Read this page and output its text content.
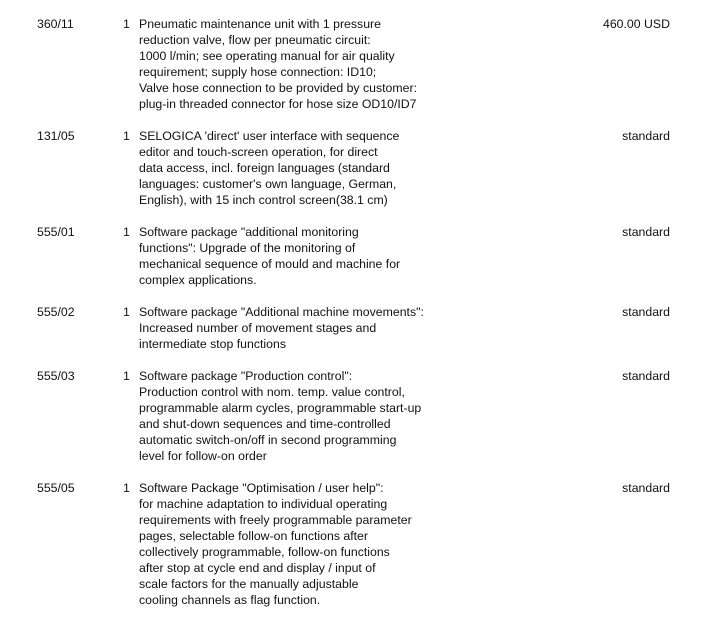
360/11	1 Pneumatic maintenance unit with 1 pressure
reduction valve, flow per pneumatic circuit:
1000 l/min; see operating manual for air quality
requirement; supply hose connection: ID10;
Valve hose connection to be provided by customer:
plug-in threaded connector for hose size OD10/ID7
460.00 USD
131/05	1 SELOGICA 'direct' user interface with sequence
editor and touch-screen operation, for direct
data access, incl. foreign languages (standard
languages: customer's own language, German,
English), with 15 inch control screen(38.1 cm)
standard
555/01	1 Software package "additional monitoring
functions": Upgrade of the monitoring of
mechanical sequence of mould and machine for
complex applications.
standard
555/02	1 Software package "Additional machine movements":
Increased number of movement stages and
intermediate stop functions
standard
555/03	1 Software package "Production control":
Production control with nom. temp. value control,
programmable alarm cycles, programmable start-up
and shut-down sequences and time-controlled
automatic switch-on/off in second programming
level for follow-on order
standard
555/05	1 Software Package "Optimisation / user help":
for machine adaptation to individual operating
requirements with freely programmable parameter
pages, selectable follow-on functions after
collectively programmable, follow-on functions
after stop at cycle end and display / input of
scale factors for the manually adjustable
cooling channels as flag function.
standard
